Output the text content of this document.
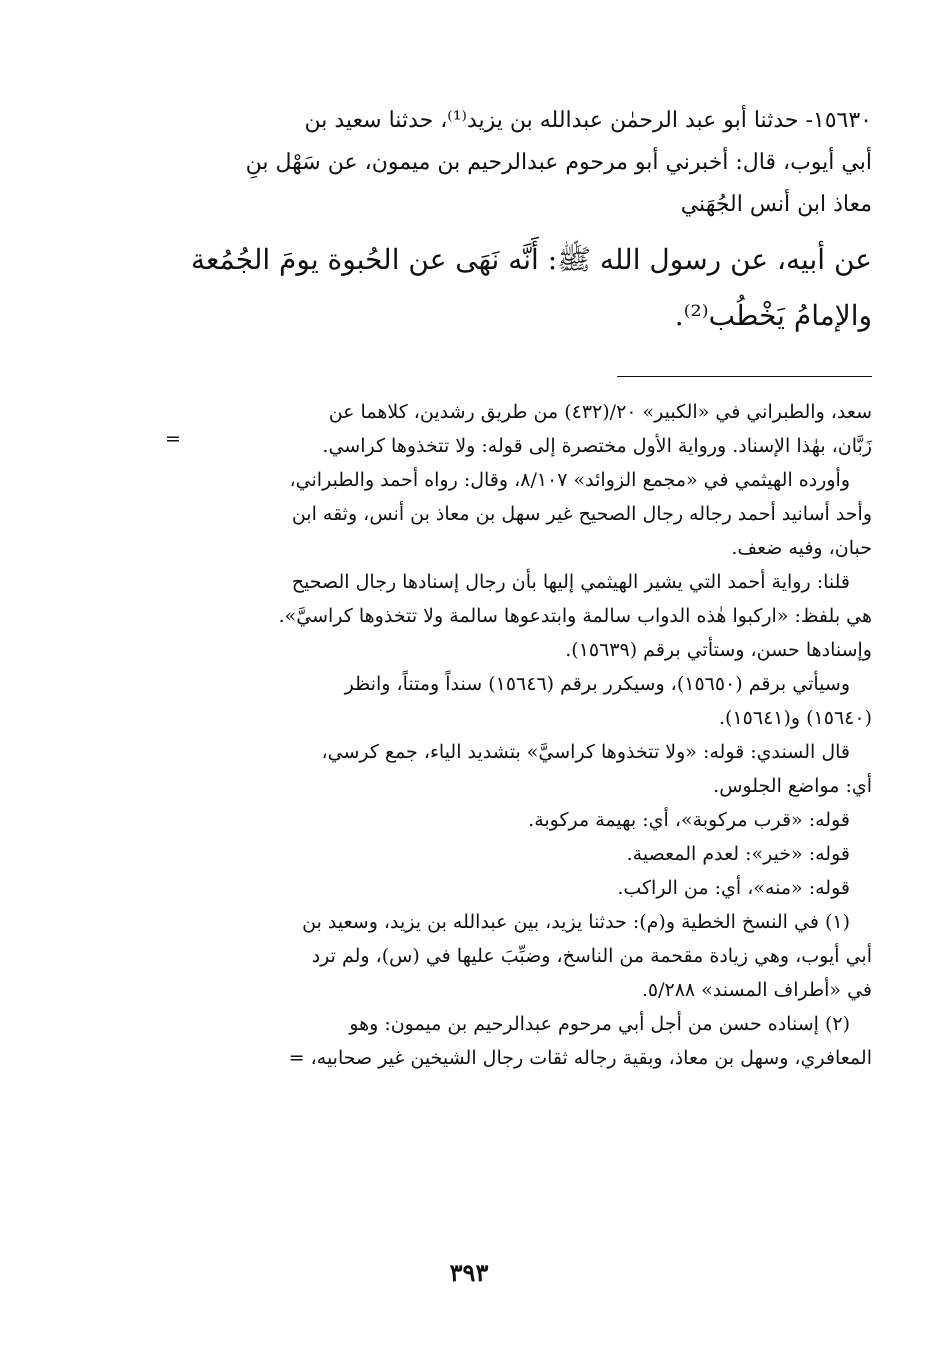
١٥٦٣٠- حدثنا أبو عبد الرحمٰن عبدالله بن يزيد⁽¹⁾، حدثنا سعيد بن

أبي أيوب، قال: أخبرني أبو مرحوم عبدالرحيم بن ميمون، عن سَهْل بنِ

معاذ ابن أنس الجُهَني

عن أبيه، عن رسول الله ﷺ: أَنَّه نَهَى عن الحُبوة يومَ الجُمُعة

والإمامُ يَخْطُب⁽²⁾.

سعد، والطبراني في «الكبير» ٢٠/(٤٣٢) من طريق رشدين، كلاهما عن

زَبَّان، بهٰذا الإسناد. ورواية الأول مختصرة إلى قوله: ولا تتخذوها كراسي.

وأورده الهيثمي في «مجمع الزوائد» ٨/١٠٧، وقال: رواه أحمد والطبراني،

وأحد أسانيد أحمد رجاله رجال الصحيح غير سهل بن معاذ بن أنس، وثقه ابن

حبان، وفيه ضعف.

قلنا: رواية أحمد التي يشير الهيثمي إليها بأن رجال إسنادها رجال الصحيح

هي بلفظ: «اركبوا هٰذه الدواب سالمة وابتدعوها سالمة ولا تتخذوها كراسيَّ».

وإسنادها حسن، وستأتي برقم (١٥٦٣٩).

وسيأتي برقم (١٥٦٥٠)، وسيكرر برقم (١٥٦٤٦) سنداً ومتناً، وانظر

(١٥٦٤٠) و(١٥٦٤١).

قال السندي: قوله: «ولا تتخذوها كراسيَّ» بتشديد الياء، جمع كرسي،

أي: مواضع الجلوس.

قوله: «قرب مركوبة»، أي: بهيمة مركوبة.

قوله: «خير»: لعدم المعصية.

قوله: «منه»، أي: من الراكب.

(١) في النسخ الخطية و(م): حدثنا يزيد، بين عبدالله بن يزيد، وسعيد بن

أبي أيوب، وهي زيادة مقحمة من الناسخ، وضبِّبَ عليها في (س)، ولم ترد

في «أطراف المسند» ٥/٢٨٨.

(٢) إسناده حسن من أجل أبي مرحوم عبدالرحيم بن ميمون: وهو

المعافري، وسهل بن معاذ، وبقية رجاله ثقات رجال الشيخين غير صحابيه، =

=
٣٩٣
